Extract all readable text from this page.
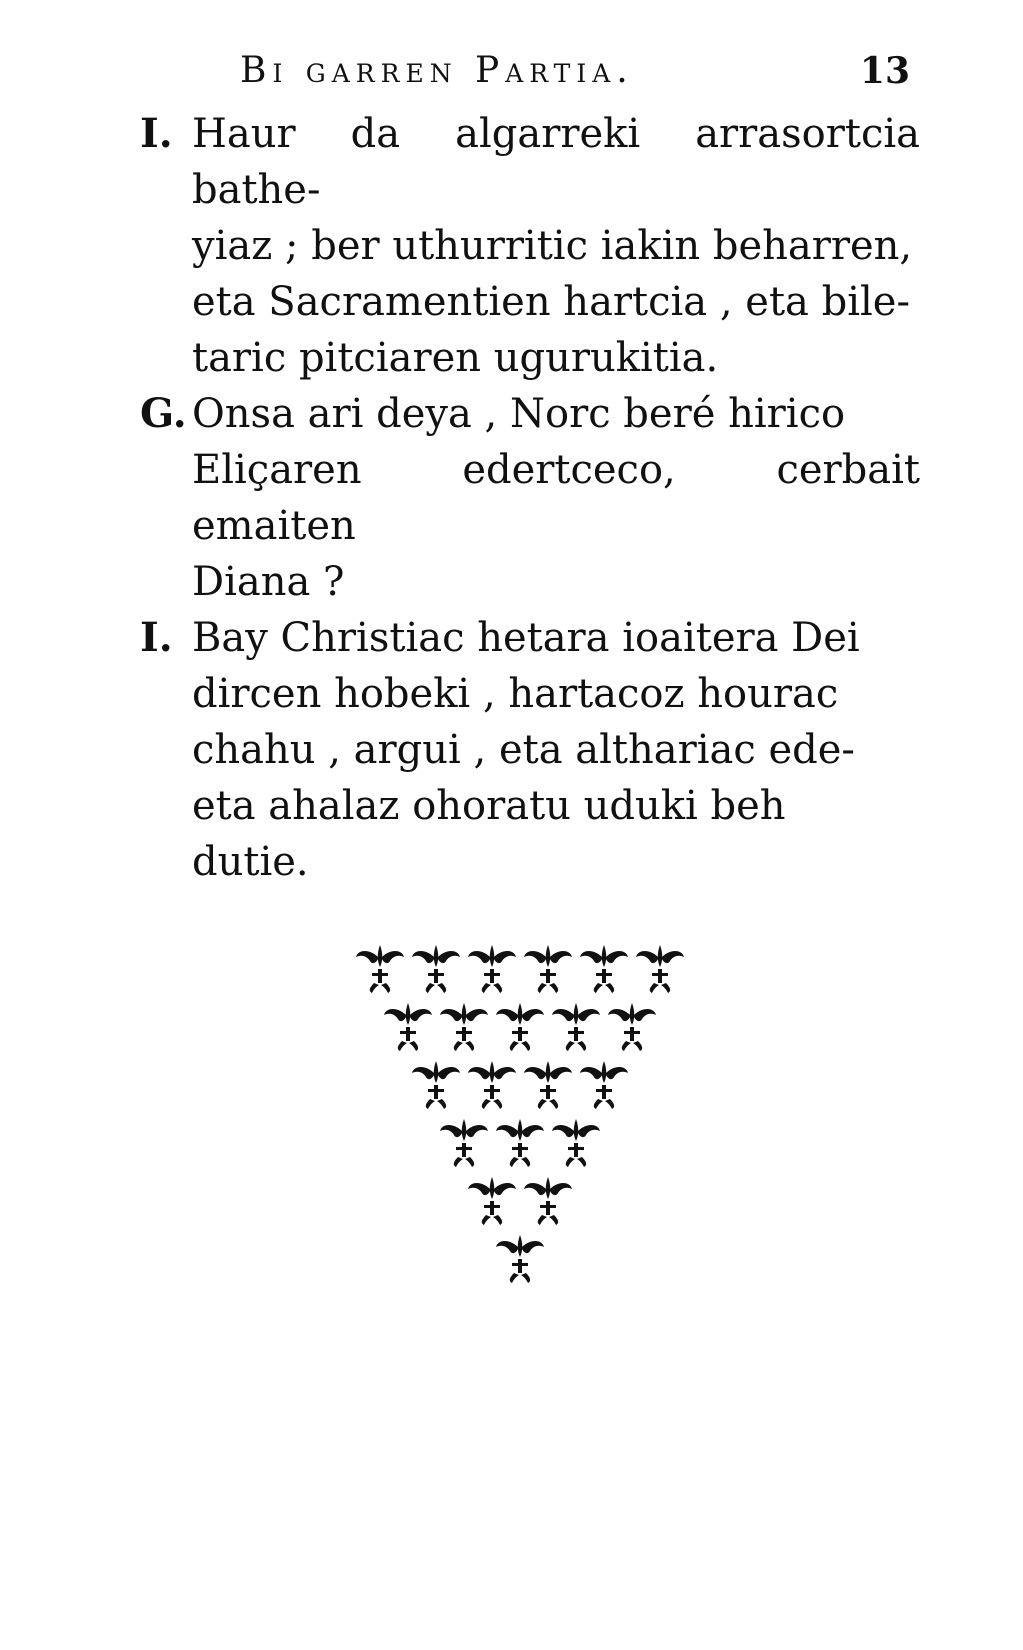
Bi garren Partia.	13
I. Haur da algarreki arrasortcia bathe-
yiaz ; ber uthurritic iakin beharren,
eta Sacramentien hartcia , eta bile-
taric pitciaren ugurukitia.
G. Onsa ari deya , Norc beré hirico
Eliçaren edertceco, cerbait emaiten
Diana ?
I. Bay Christiac hetara ioaitera Dei
dircen hobeki , hartacoz hourac
chahu , argui , eta althariac ede-
eta ahalaz ohoratu uduki beh
dutie.
